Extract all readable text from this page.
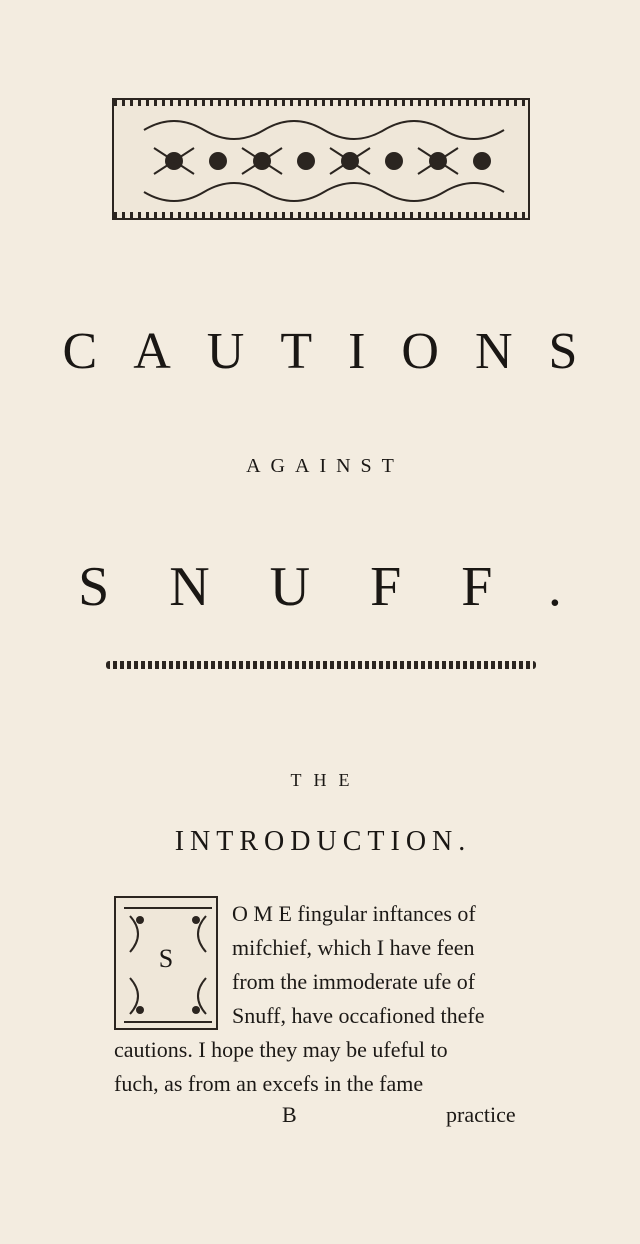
CAUTIONS
AGAINST
SNUFF.
THE
INTRODUCTION.
S
O M E fingular inftances of
mifchief, which I have feen
from the immoderate ufe of
Snuff, have occafioned thefe
cautions. I hope they may be ufeful to
fuch, as from an excefs in the fame
B	practice
